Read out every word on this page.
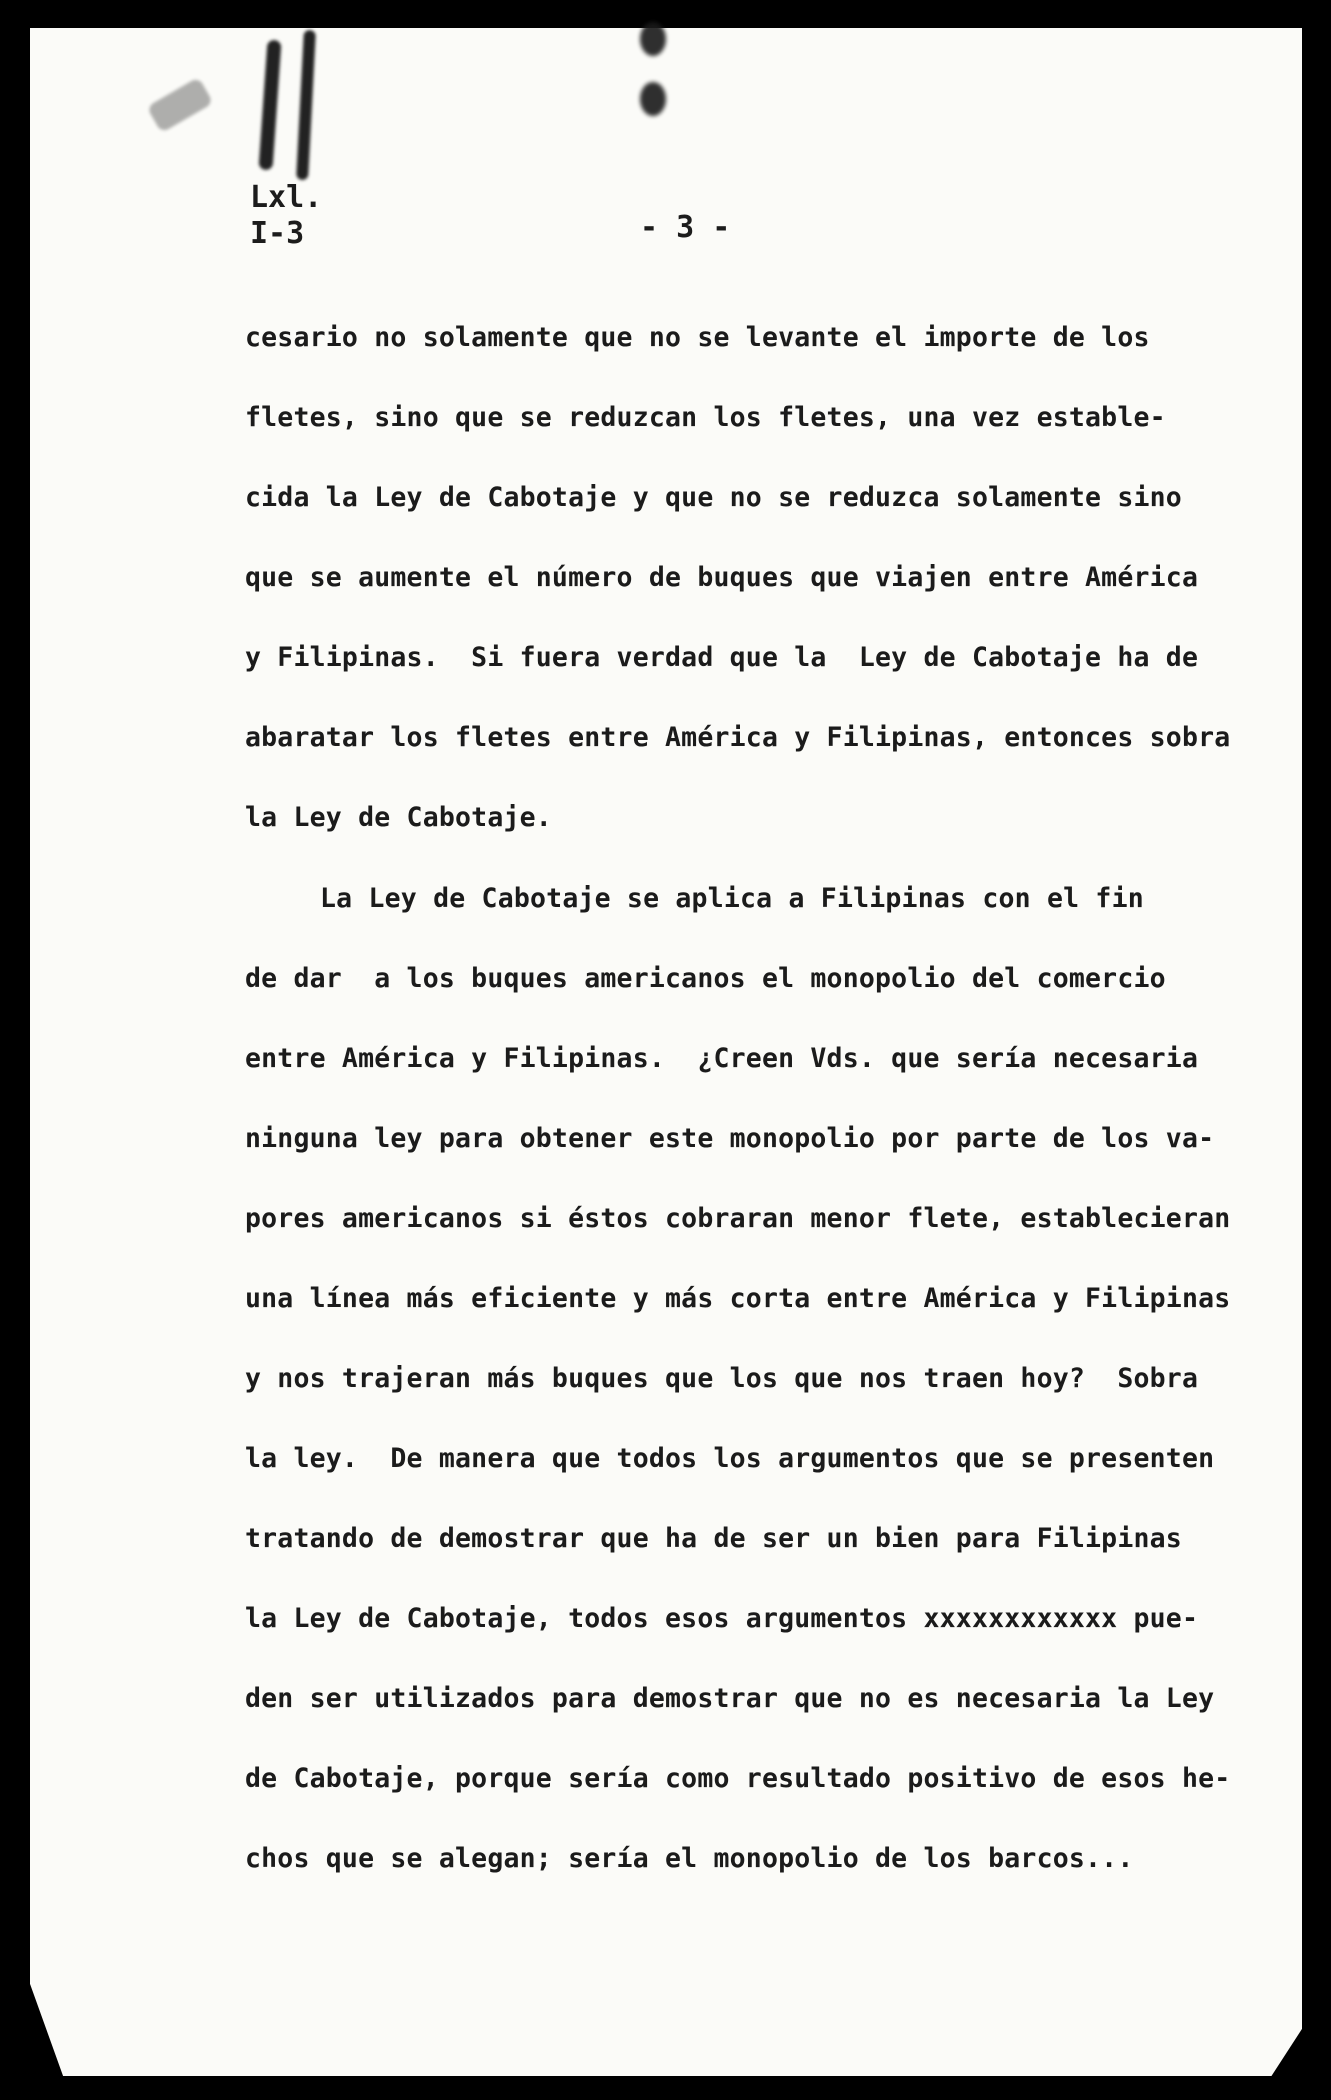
Lxl.
I-3	- 3 -
cesario no solamente que no se levante el importe de los
fletes, sino que se reduzcan los fletes, una vez estable-
cida la Ley de Cabotaje y que no se reduzca solamente sino
que se aumente el número de buques que viajen entre América
y Filipinas.  Si fuera verdad que la  Ley de Cabotaje ha de
abaratar los fletes entre América y Filipinas, entonces sobra
la Ley de Cabotaje.
La Ley de Cabotaje se aplica a Filipinas con el fin
de dar  a los buques americanos el monopolio del comercio
entre América y Filipinas.  ¿Creen Vds. que sería necesaria
ninguna ley para obtener este monopolio por parte de los va-
pores americanos si éstos cobraran menor flete, establecieran
una línea más eficiente y más corta entre América y Filipinas
y nos trajeran más buques que los que nos traen hoy?  Sobra
la ley.  De manera que todos los argumentos que se presenten
tratando de demostrar que ha de ser un bien para Filipinas
la Ley de Cabotaje, todos esos argumentos xxxxxxxxxxxx pue-
den ser utilizados para demostrar que no es necesaria la Ley
de Cabotaje, porque sería como resultado positivo de esos he-
chos que se alegan; sería el monopolio de los barcos...
